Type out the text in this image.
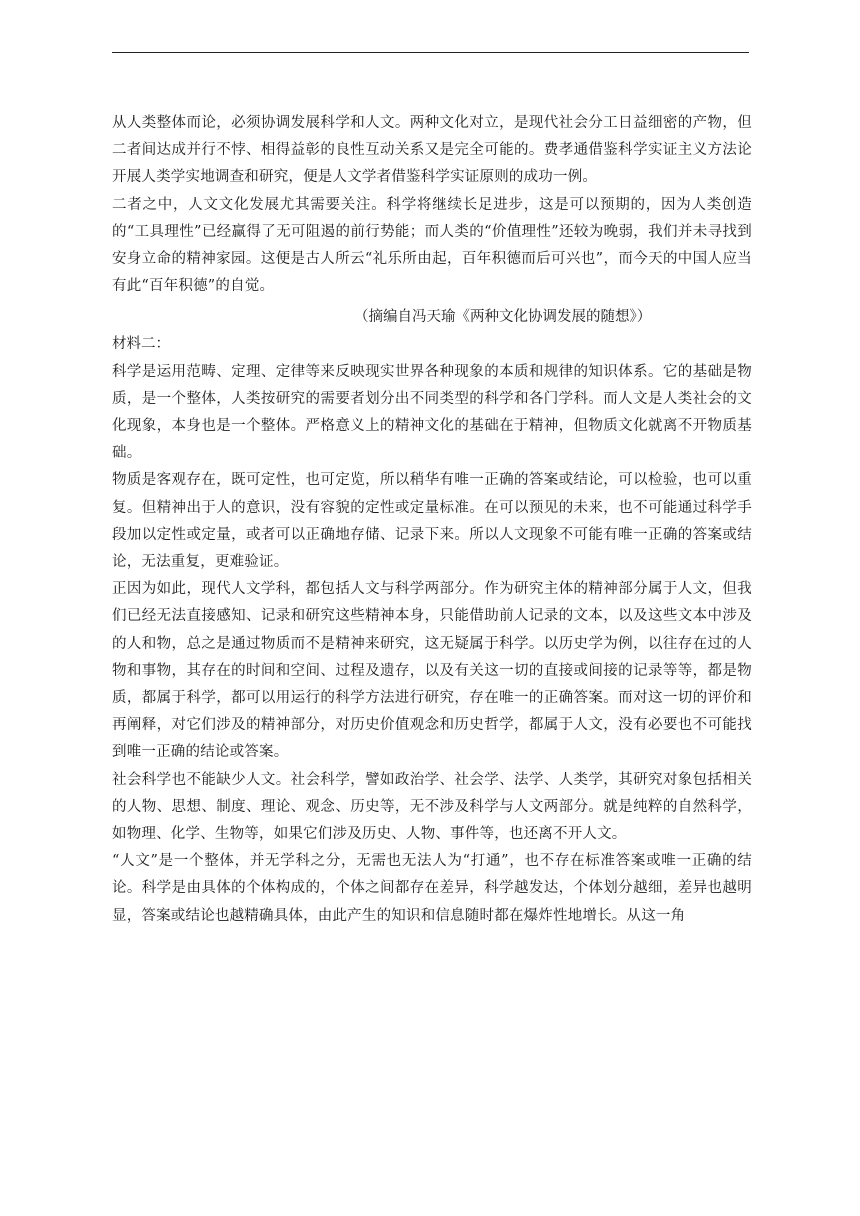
从人类整体而论，必须协调发展科学和人文。两种文化对立，是现代社会分工日益细密的产物，但二者间达成并行不悖、相得益彰的良性互动关系又是完全可能的。费孝通借鉴科学实证主义方法论开展人类学实地调查和研究，便是人文学者借鉴科学实证原则的成功一例。

二者之中，人文文化发展尤其需要关注。科学将继续长足进步，这是可以预期的，因为人类创造的“工具理性”已经赢得了无可阻遏的前行势能；而人类的“价值理性”还较为晚弱，我们并未寻找到安身立命的精神家园。这便是古人所云“礼乐所由起，百年积德而后可兴也”，而今天的中国人应当有此“百年积德”的自觉。

（摘编自冯天瑜《两种文化协调发展的随想》）

材料二：

科学是运用范畴、定理、定律等来反映现实世界各种现象的本质和规律的知识体系。它的基础是物质，是一个整体，人类按研究的需要者划分出不同类型的科学和各门学科。而人文是人类社会的文化现象，本身也是一个整体。严格意义上的精神文化的基础在于精神，但物质文化就离不开物质基础。

物质是客观存在，既可定性，也可定览，所以稍华有唯一正确的答案或结论，可以检验，也可以重复。但精神出于人的意识，没有容貌的定性或定量标准。在可以预见的未来，也不可能通过科学手段加以定性或定量，或者可以正确地存储、记录下来。所以人文现象不可能有唯一正确的答案或结论，无法重复，更难验证。

正因为如此，现代人文学科，都包括人文与科学两部分。作为研究主体的精神部分属于人文，但我们已经无法直接感知、记录和研究这些精神本身，只能借助前人记录的文本，以及这些文本中涉及的人和物，总之是通过物质而不是精神来研究，这无疑属于科学。以历史学为例，以往存在过的人物和事物，其存在的时间和空间、过程及遗存，以及有关这一切的直接或间接的记录等等，都是物质，都属于科学，都可以用运行的科学方法进行研究，存在唯一的正确答案。而对这一切的评价和再阐释，对它们涉及的精神部分，对历史价值观念和历史哲学，都属于人文，没有必要也不可能找到唯一正确的结论或答案。

社会科学也不能缺少人文。社会科学，譬如政治学、社会学、法学、人类学，其研究对象包括相关的人物、思想、制度、理论、观念、历史等，无不涉及科学与人文两部分。就是纯粹的自然科学，如物理、化学、生物等，如果它们涉及历史、人物、事件等，也还离不开人文。

“人文”是一个整体，并无学科之分，无需也无法人为“打通”，也不存在标准答案或唯一正确的结论。科学是由具体的个体构成的，个体之间都存在差异，科学越发达，个体划分越细，差异也越明显，答案或结论也越精确具体，由此产生的知识和信息随时都在爆炸性地增长。从这一角
